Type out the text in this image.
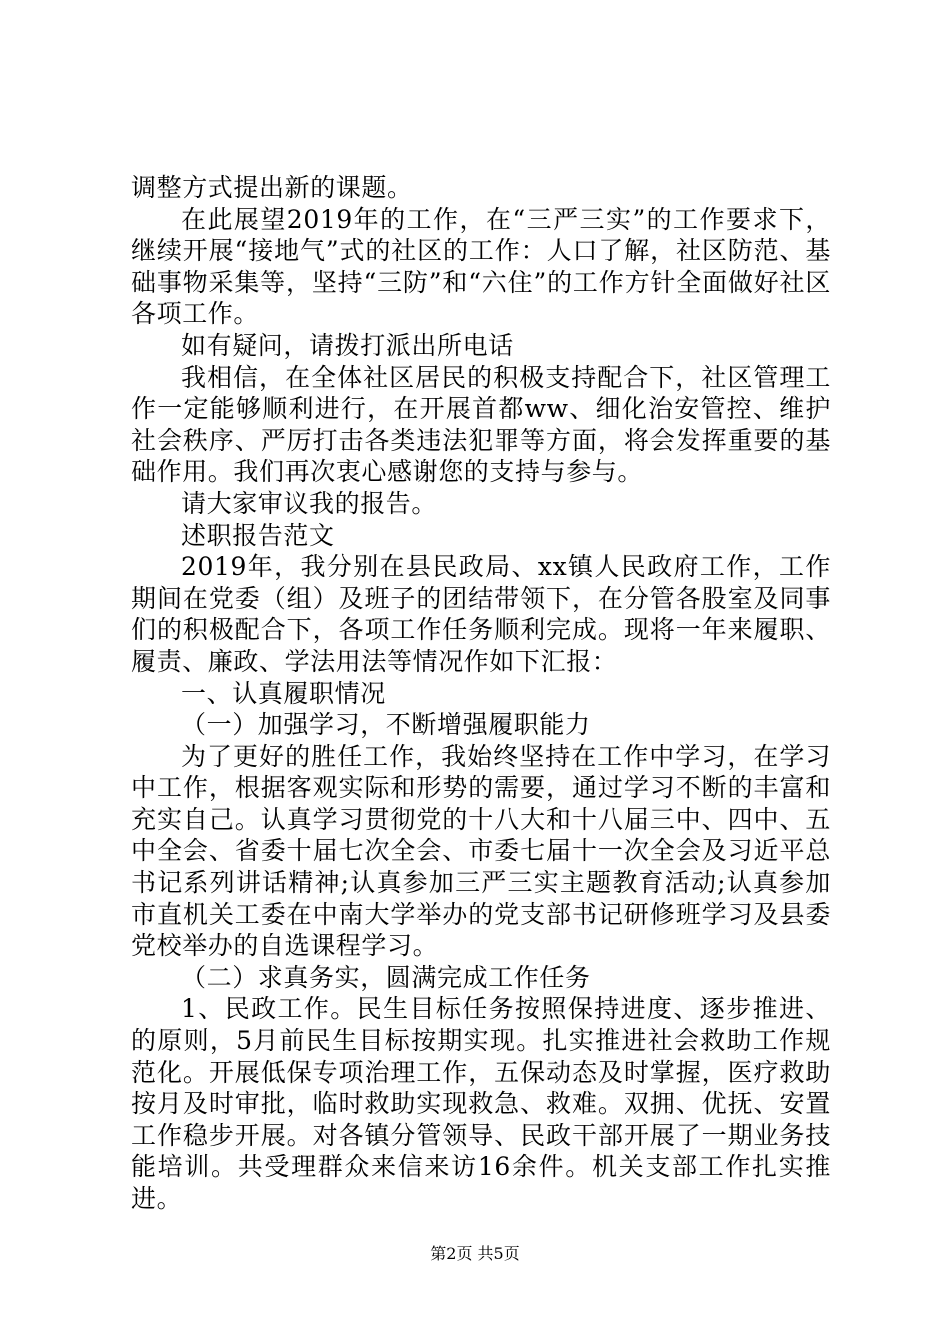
调整方式提出新的课题。

在此展望2019年的工作，在“三严三实”的工作要求下，继续开展“接地气”式的社区的工作：人口了解，社区防范、基础事物采集等，坚持“三防”和“六住”的工作方针全面做好社区各项工作。

如有疑问，请拨打派出所电话

我相信，在全体社区居民的积极支持配合下，社区管理工作一定能够顺利进行，在开展首都ww、细化治安管控、维护社会秩序、严厉打击各类违法犯罪等方面，将会发挥重要的基础作用。我们再次衷心感谢您的支持与参与。

请大家审议我的报告。

述职报告范文

2019年，我分别在县民政局、xx镇人民政府工作，工作期间在党委（组）及班子的团结带领下，在分管各股室及同事们的积极配合下，各项工作任务顺利完成。现将一年来履职、履责、廉政、学法用法等情况作如下汇报：

一、认真履职情况

（一）加强学习，不断增强履职能力

为了更好的胜任工作，我始终坚持在工作中学习，在学习中工作，根据客观实际和形势的需要，通过学习不断的丰富和充实自己。认真学习贯彻党的十八大和十八届三中、四中、五中全会、省委十届七次全会、市委七届十一次全会及习近平总书记系列讲话精神;认真参加三严三实主题教育活动;认真参加市直机关工委在中南大学举办的党支部书记研修班学习及县委党校举办的自选课程学习。

（二）求真务实，圆满完成工作任务

1、民政工作。民生目标任务按照保持进度、逐步推进、的原则，5月前民生目标按期实现。扎实推进社会救助工作规范化。开展低保专项治理工作，五保动态及时掌握，医疗救助按月及时审批，临时救助实现救急、救难。双拥、优抚、安置工作稳步开展。对各镇分管领导、民政干部开展了一期业务技能培训。共受理群众来信来访16余件。机关支部工作扎实推进。

第2页 共5页
